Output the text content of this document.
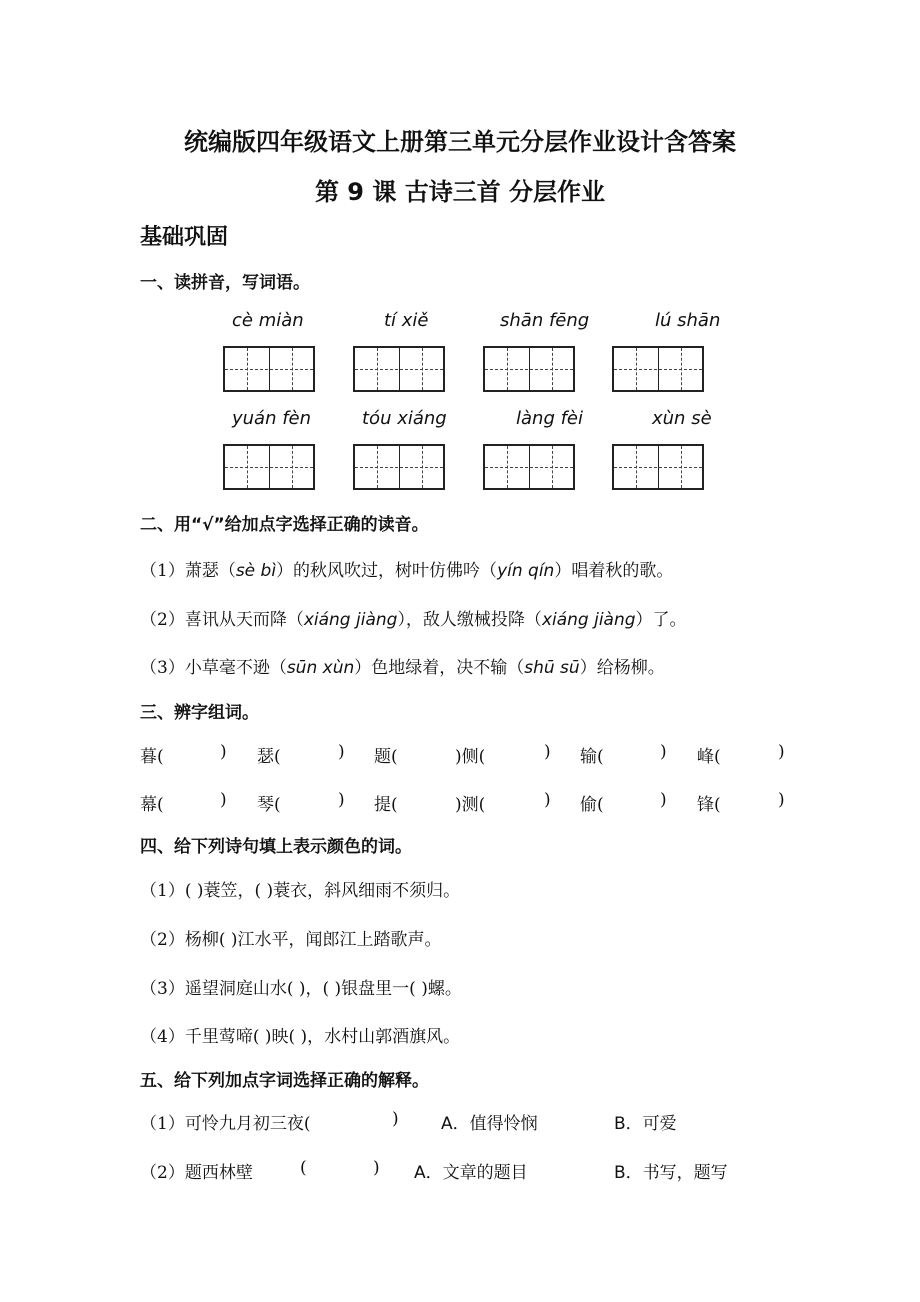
统编版四年级语文上册第三单元分层作业设计含答案
第 9 课 古诗三首 分层作业
基础巩固
一、读拼音，写词语。
cè miàn	tí xiě	shān fēng	lú shān
yuán fèn	tóu xiáng	làng fèi	xùn sè
二、用“√”给加点字选择正确的读音。
（1）萧瑟（sè bì）的秋风吹过，树叶仿佛吟（yín qín）唱着秋的歌。
（2）喜讯从天而降（xiáng jiàng），敌人缴械投降（xiáng jiàng）了。
（3）小草毫不逊（sūn xùn）色地绿着，决不输（shū sū）给杨柳。
三、辨字组词。
暮(	) 瑟(	) 题(	)侧(	) 输(	) 峰(	)
幕(	) 琴(	) 提(	)测(	) 偷(	) 锋(	)
四、给下列诗句填上表示颜色的词。
（1）( )蓑笠，( )蓑衣，斜风细雨不须归。
（2）杨柳( )江水平，闻郎江上踏歌声。
（3）遥望洞庭山水( )，( )银盘里一( )螺。
（4）千里莺啼( )映( )，水村山郭酒旗风。
五、给下列加点字词选择正确的解释。
（1）可怜九月初三夜(	) A．值得怜悯	B．可爱
（2）题西林壁	(	) A．文章的题目	B．书写，题写
